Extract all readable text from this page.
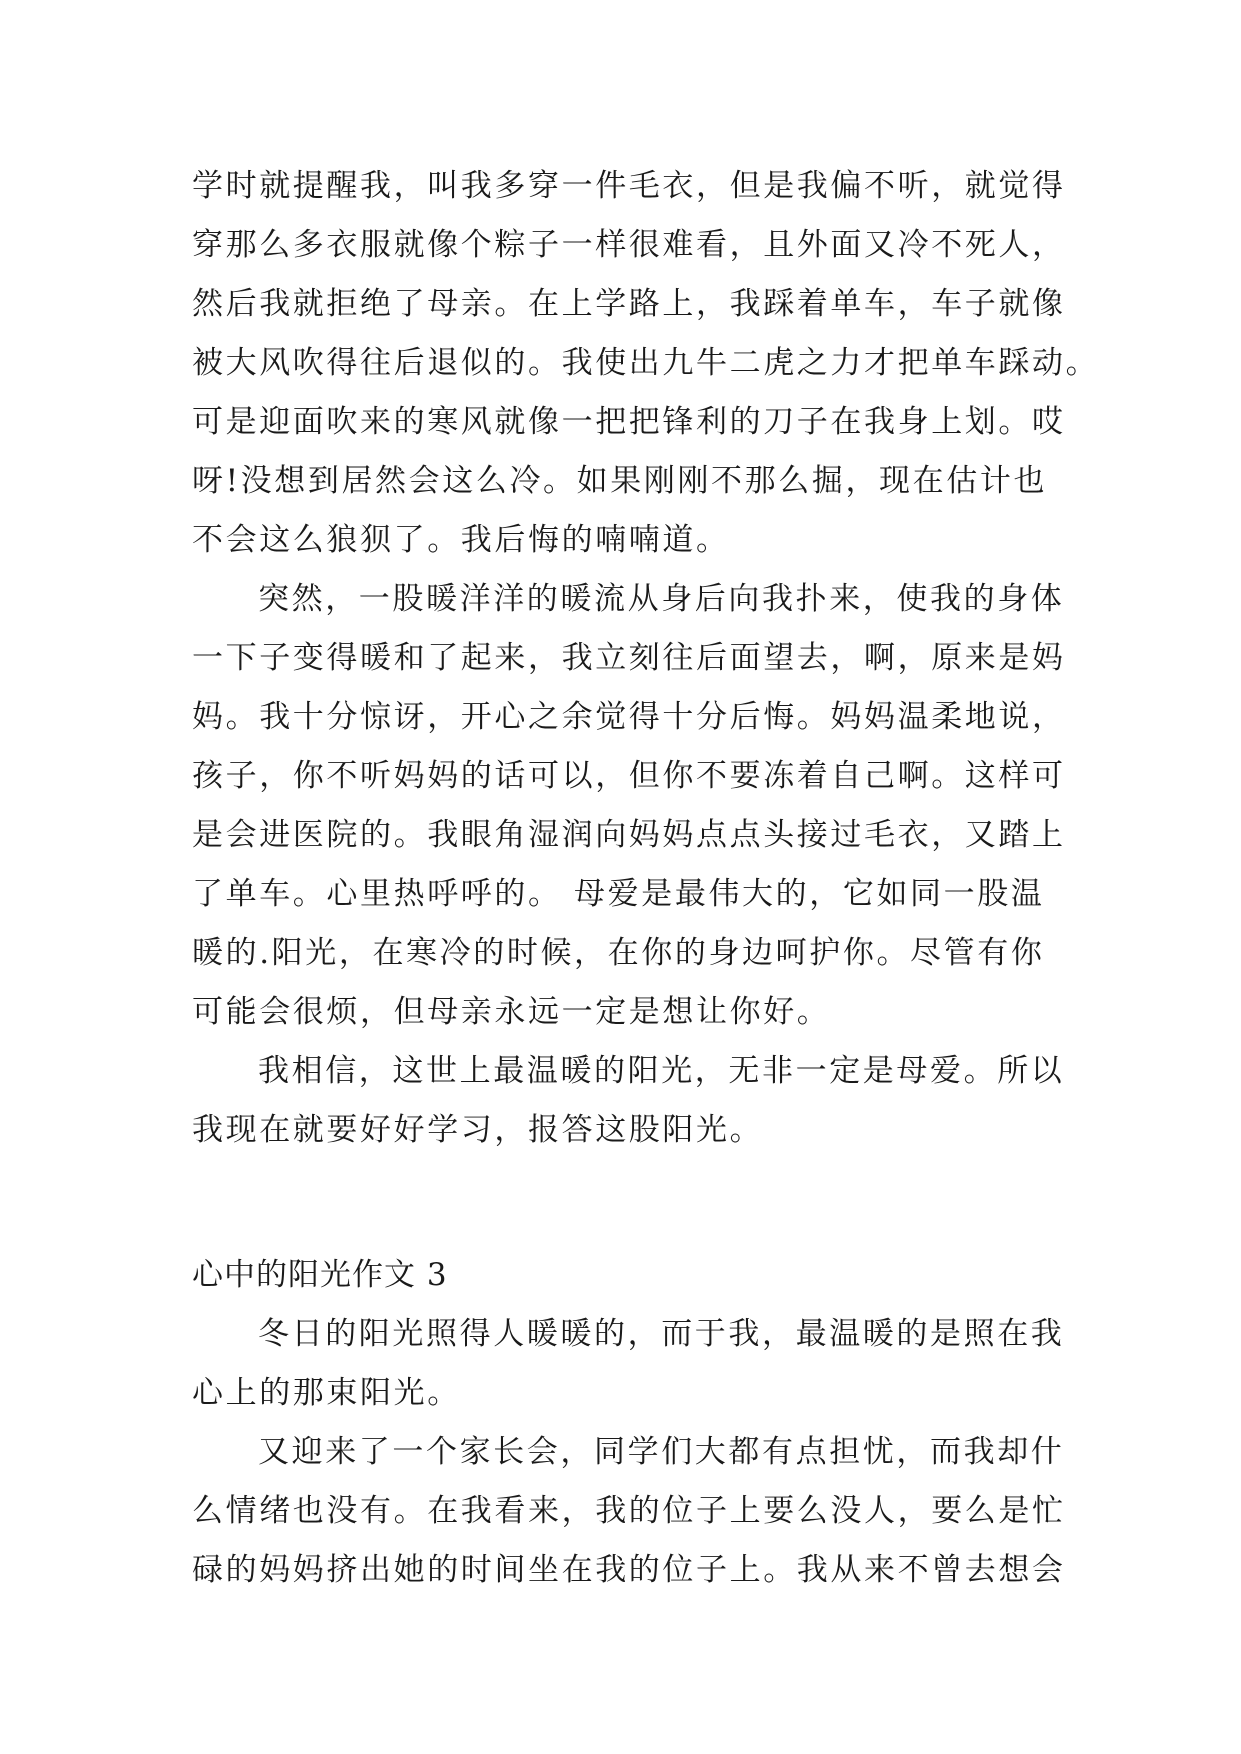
学时就提醒我，叫我多穿一件毛衣，但是我偏不听，就觉得
穿那么多衣服就像个粽子一样很难看，且外面又冷不死人，
然后我就拒绝了母亲。在上学路上，我踩着单车，车子就像
被大风吹得往后退似的。我使出九牛二虎之力才把单车踩动。
可是迎面吹来的寒风就像一把把锋利的刀子在我身上划。哎
呀!没想到居然会这么冷。如果刚刚不那么掘，现在估计也
不会这么狼狈了。我后悔的喃喃道。
突然，一股暖洋洋的暖流从身后向我扑来，使我的身体
一下子变得暖和了起来，我立刻往后面望去，啊，原来是妈
妈。我十分惊讶，开心之余觉得十分后悔。妈妈温柔地说，
孩子，你不听妈妈的话可以，但你不要冻着自己啊。这样可
是会进医院的。我眼角湿润向妈妈点点头接过毛衣，又踏上
了单车。心里热呼呼的。 母爱是最伟大的，它如同一股温
暖的.阳光，在寒冷的时候，在你的身边呵护你。尽管有你
可能会很烦，但母亲永远一定是想让你好。
我相信，这世上最温暖的阳光，无非一定是母爱。所以
我现在就要好好学习，报答这股阳光。
心中的阳光作文 3
冬日的阳光照得人暖暖的，而于我，最温暖的是照在我
心上的那束阳光。
又迎来了一个家长会，同学们大都有点担忧，而我却什
么情绪也没有。在我看来，我的位子上要么没人，要么是忙
碌的妈妈挤出她的时间坐在我的位子上。我从来不曾去想会
